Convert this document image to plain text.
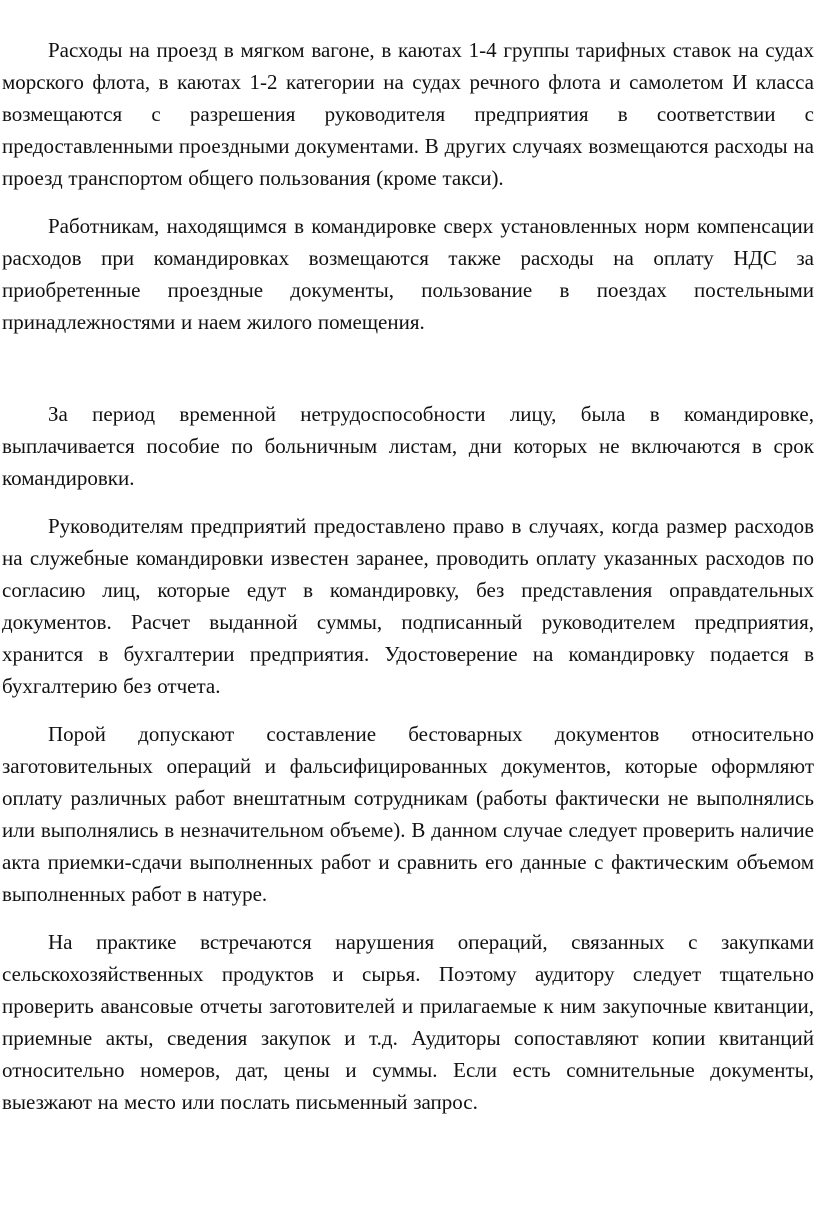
Расходы на проезд в мягком вагоне, в каютах 1-4 группы тарифных ставок на судах морского флота, в каютах 1-2 категории на судах речного флота и самолетом И класса возмещаются с разрешения руководителя предприятия в соответствии с предоставленными проездными документами. В других случаях возмещаются расходы на проезд транспортом общего пользования (кроме такси).

Работникам, находящимся в командировке сверх установленных норм компенсации расходов при командировках возмещаются также расходы на оплату НДС за приобретенные проездные документы, пользование в поездах постельными принадлежностями и наем жилого помещения.

За период временной нетрудоспособности лицу, была в командировке, выплачивается пособие по больничным листам, дни которых не включаются в срок командировки.

Руководителям предприятий предоставлено право в случаях, когда размер расходов на служебные командировки известен заранее, проводить оплату указанных расходов по согласию лиц, которые едут в командировку, без представления оправдательных документов. Расчет выданной суммы, подписанный руководителем предприятия, хранится в бухгалтерии предприятия. Удостоверение на командировку подается в бухгалтерию без отчета.

Порой допускают составление бестоварных документов относительно заготовительных операций и фальсифицированных документов, которые оформляют оплату различных работ внештатным сотрудникам (работы фактически не выполнялись или выполнялись в незначительном объеме). В данном случае следует проверить наличие акта приемки-сдачи выполненных работ и сравнить его данные с фактическим объемом выполненных работ в натуре.

На практике встречаются нарушения операций, связанных с закупками сельскохозяйственных продуктов и сырья. Поэтому аудитору следует тщательно проверить авансовые отчеты заготовителей и прилагаемые к ним закупочные квитанции, приемные акты, сведения закупок и т.д. Аудиторы сопоставляют копии квитанций относительно номеров, дат, цены и суммы. Если есть сомнительные документы, выезжают на место или послать письменный запрос.
